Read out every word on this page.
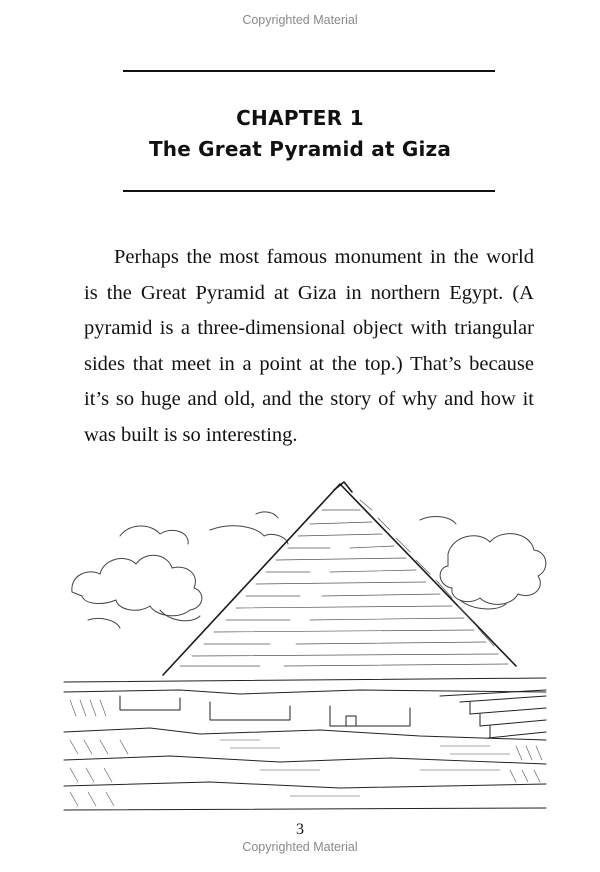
Copyrighted Material
CHAPTER 1
The Great Pyramid at Giza

Perhaps the most famous monument in the world is the Great Pyramid at Giza in northern Egypt. (A pyramid is a three-dimensional object with triangular sides that meet in a point at the top.) That’s because it’s so huge and old, and the story of why and how it was built is so interesting.

3
Copyrighted Material
